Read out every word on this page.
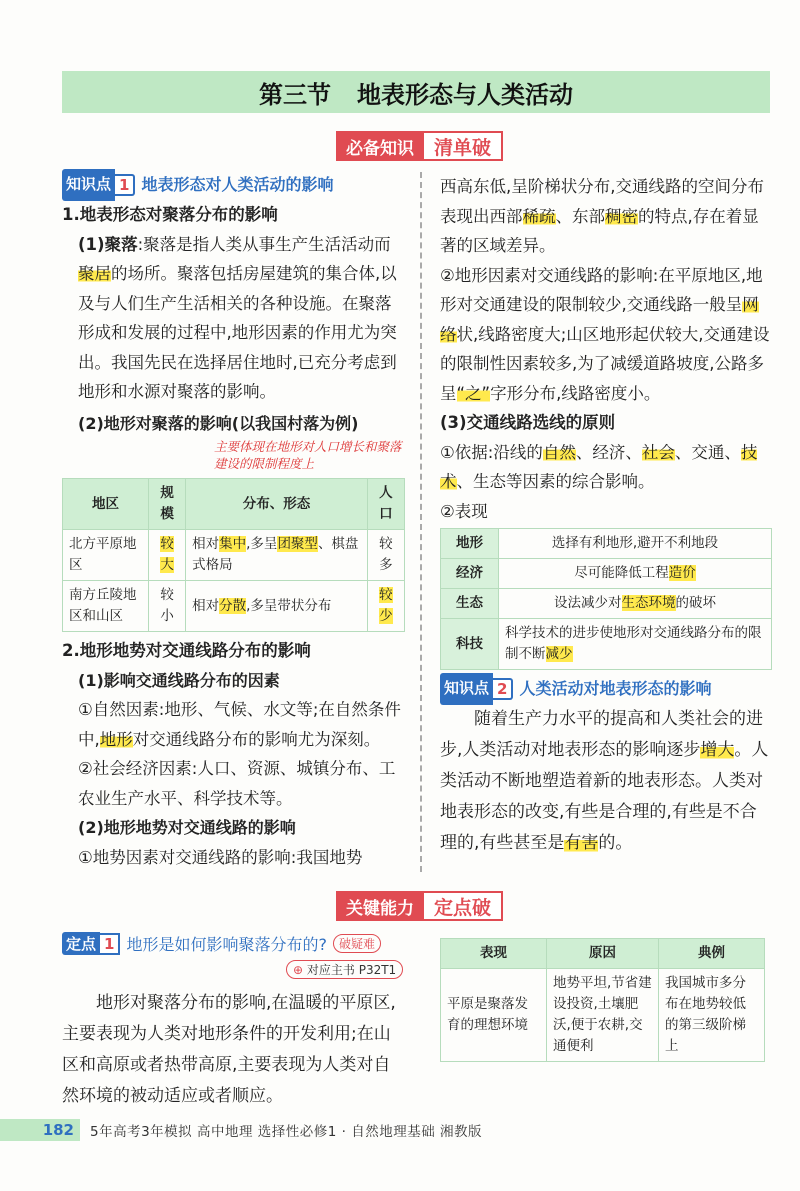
第三节 地表形态与人类活动
必备知识	清单破
知识点 1 地表形态对人类活动的影响
1.地表形态对聚落分布的影响
(1)聚落:聚落是指人类从事生产生活活动而聚居的场所。聚落包括房屋建筑的集合体,以及与人们生产生活相关的各种设施。在聚落形成和发展的过程中,地形因素的作用尤为突出。我国先民在选择居住地时,已充分考虑到地形和水源对聚落的影响。
(2)地形对聚落的影响(以我国村落为例)
主要体现在地形对人口增长和聚落建设的限制程度上
地区	规模	分布、形态	人口
北方平原地区	较大	相对集中,多呈团聚型、棋盘式格局	较多
南方丘陵地区和山区	较小	相对分散,多呈带状分布	较少
2.地形地势对交通线路分布的影响
(1)影响交通线路分布的因素
①自然因素:地形、气候、水文等;在自然条件中,地形对交通线路分布的影响尤为深刻。
②社会经济因素:人口、资源、城镇分布、工农业生产水平、科学技术等。
(2)地形地势对交通线路的影响
①地势因素对交通线路的影响:我国地势
西高东低,呈阶梯状分布,交通线路的空间分布表现出西部稀疏、东部稠密的特点,存在着显著的区域差异。
②地形因素对交通线路的影响:在平原地区,地形对交通建设的限制较少,交通线路一般呈网络状,线路密度大;山区地形起伏较大,交通建设的限制性因素较多,为了减缓道路坡度,公路多呈“之”字形分布,线路密度小。
(3)交通线路选线的原则
①依据:沿线的自然、经济、社会、交通、技术、生态等因素的综合影响。
②表现
地形	选择有利地形,避开不利地段
经济	尽可能降低工程造价
生态	设法减少对生态环境的破坏
科技	科学技术的进步使地形对交通线路分布的限制不断减少
知识点 2 人类活动对地表形态的影响
随着生产力水平的提高和人类社会的进步,人类活动对地表形态的影响逐步增大。人类活动不断地塑造着新的地表形态。人类对地表形态的改变,有些是合理的,有些是不合理的,有些甚至是有害的。
关键能力	定点破
定点 1 地形是如何影响聚落分布的?	破疑难
⊕ 对应主书 P32T1
地形对聚落分布的影响,在温暖的平原区,主要表现为人类对地形条件的开发利用;在山区和高原或者热带高原,主要表现为人类对自然环境的被动适应或者顺应。
表现	原因	典例
平原是聚落发育的理想环境	地势平坦,节省建设投资,土壤肥沃,便于农耕,交通便利	我国城市多分布在地势较低的第三级阶梯上
182	5年高考3年模拟 高中地理 选择性必修1 · 自然地理基础 湘教版
